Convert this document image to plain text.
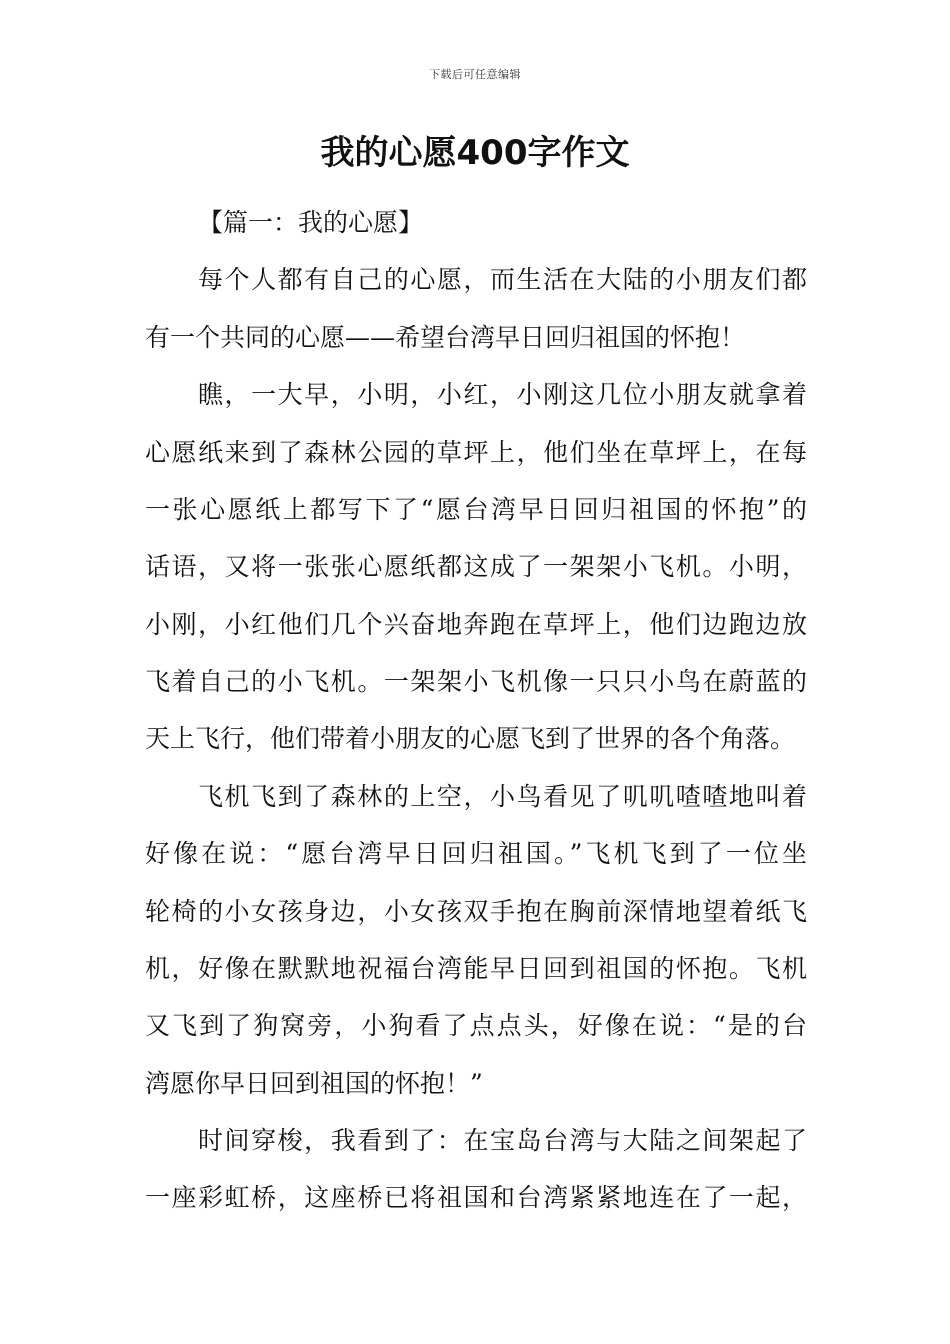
下载后可任意编辑
我的心愿400字作文
【篇一：我的心愿】
每个人都有自己的心愿，而生活在大陆的小朋友们都
有一个共同的心愿——希望台湾早日回归祖国的怀抱！
瞧，一大早，小明，小红，小刚这几位小朋友就拿着
心愿纸来到了森林公园的草坪上，他们坐在草坪上，在每
一张心愿纸上都写下了“愿台湾早日回归祖国的怀抱”的
话语，又将一张张心愿纸都这成了一架架小飞机。小明，
小刚，小红他们几个兴奋地奔跑在草坪上，他们边跑边放
飞着自己的小飞机。一架架小飞机像一只只小鸟在蔚蓝的
天上飞行，他们带着小朋友的心愿飞到了世界的各个角落。
飞机飞到了森林的上空，小鸟看见了叽叽喳喳地叫着
好像在说：“愿台湾早日回归祖国。”飞机飞到了一位坐
轮椅的小女孩身边，小女孩双手抱在胸前深情地望着纸飞
机，好像在默默地祝福台湾能早日回到祖国的怀抱。飞机
又飞到了狗窝旁，小狗看了点点头，好像在说：“是的台
湾愿你早日回到祖国的怀抱！”
时间穿梭，我看到了：在宝岛台湾与大陆之间架起了
一座彩虹桥，这座桥已将祖国和台湾紧紧地连在了一起，
